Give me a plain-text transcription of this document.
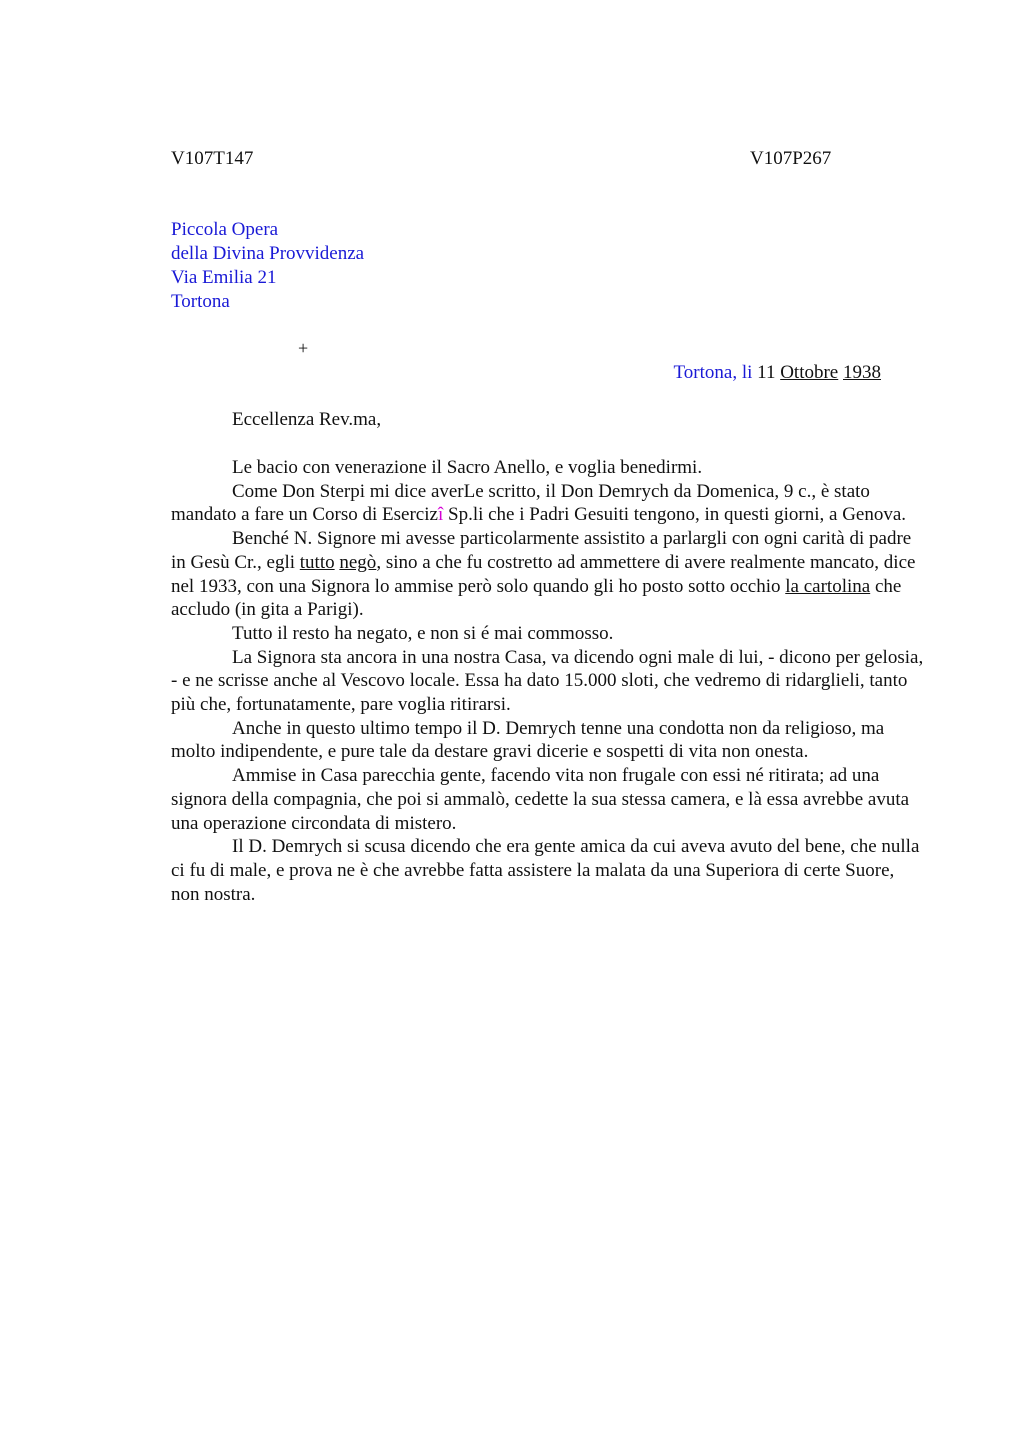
V107T147	V107P267
Piccola Opera
della Divina Provvidenza
Via Emilia 21
Tortona
+
Tortona, li 11 Ottobre 1938
Eccellenza Rev.ma,

Le bacio con venerazione il Sacro Anello, e voglia benedirmi.

Come Don Sterpi mi dice averLe scritto, il Don Demrych da Domenica, 9 c., è stato mandato a fare un Corso di Esercizî Sp.li che i Padri Gesuiti tengono, in questi giorni, a Genova.

Benché N. Signore mi avesse particolarmente assistito a parlargli con ogni carità di padre in Gesù Cr., egli tutto negò, sino a che fu costretto ad ammettere di avere realmente mancato, dice nel 1933, con una Signora lo ammise però solo quando gli ho posto sotto occhio la cartolina che accludo (in gita a Parigi).

Tutto il resto ha negato, e non si é mai commosso.

La Signora sta ancora in una nostra Casa, va dicendo ogni male di lui, - dicono per gelosia, - e ne scrisse anche al Vescovo locale. Essa ha dato 15.000 sloti, che vedremo di ridarglieli, tanto più che, fortunatamente, pare voglia ritirarsi.

Anche in questo ultimo tempo il D. Demrych tenne una condotta non da religioso, ma molto indipendente, e pure tale da destare gravi dicerie e sospetti di vita non onesta.

Ammise in Casa parecchia gente, facendo vita non frugale con essi né ritirata; ad una signora della compagnia, che poi si ammalò, cedette la sua stessa camera, e là essa avrebbe avuta una operazione circondata di mistero.

Il D. Demrych si scusa dicendo che era gente amica da cui aveva avuto del bene, che nulla ci fu di male, e prova ne è che avrebbe fatta assistere la malata da una Superiora di certe Suore, non nostra.
